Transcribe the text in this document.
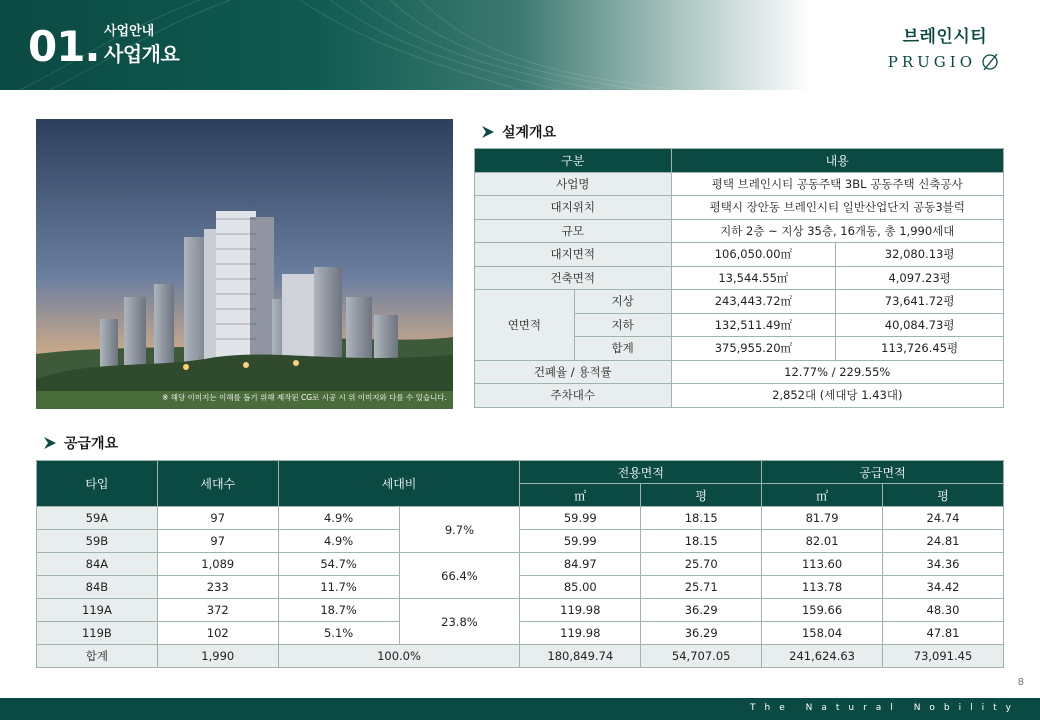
01. 사업안내
사업개요
브레인시티
PRUGIO
※ 해당 이미지는 이해를 돕기 위해 제작된 CG로 시공 시 위 이미지와 다를 수 있습니다.
설계개요
구분		내용	
사업명		평택 브레인시티 공동주택 3BL 공동주택 신축공사	
대지위치		평택시 장안동 브레인시티 일반산업단지 공동3블럭	
규모		지하 2층 ~ 지상 35층, 16개동, 총 1,990세대	
대지면적		106,050.00㎡	32,080.13평
건축면적		13,544.55㎡	4,097.23평
연면적	지상	243,443.72㎡	73,641.72평
	지하	132,511.49㎡	40,084.73평
	합계	375,955.20㎡	113,726.45평
건폐율 / 용적률		12.77% / 229.55%	
주차대수		2,852대 (세대당 1.43대)	
공급개요
타입	세대수	세대비		전용면적		공급면적	
				㎡	평	㎡	평
59A	97	4.9%	9.7%	59.99	18.15	81.79	24.74
59B	97	4.9%		59.99	18.15	82.01	24.81
84A	1,089	54.7%	66.4%	84.97	25.70	113.60	34.36
84B	233	11.7%		85.00	25.71	113.78	34.42
119A	372	18.7%	23.8%	119.98	36.29	159.66	48.30
119B	102	5.1%		119.98	36.29	158.04	47.81
합계	1,990	100.0%		180,849.74	54,707.05	241,624.63	73,091.45
8
The Natural Nobility
